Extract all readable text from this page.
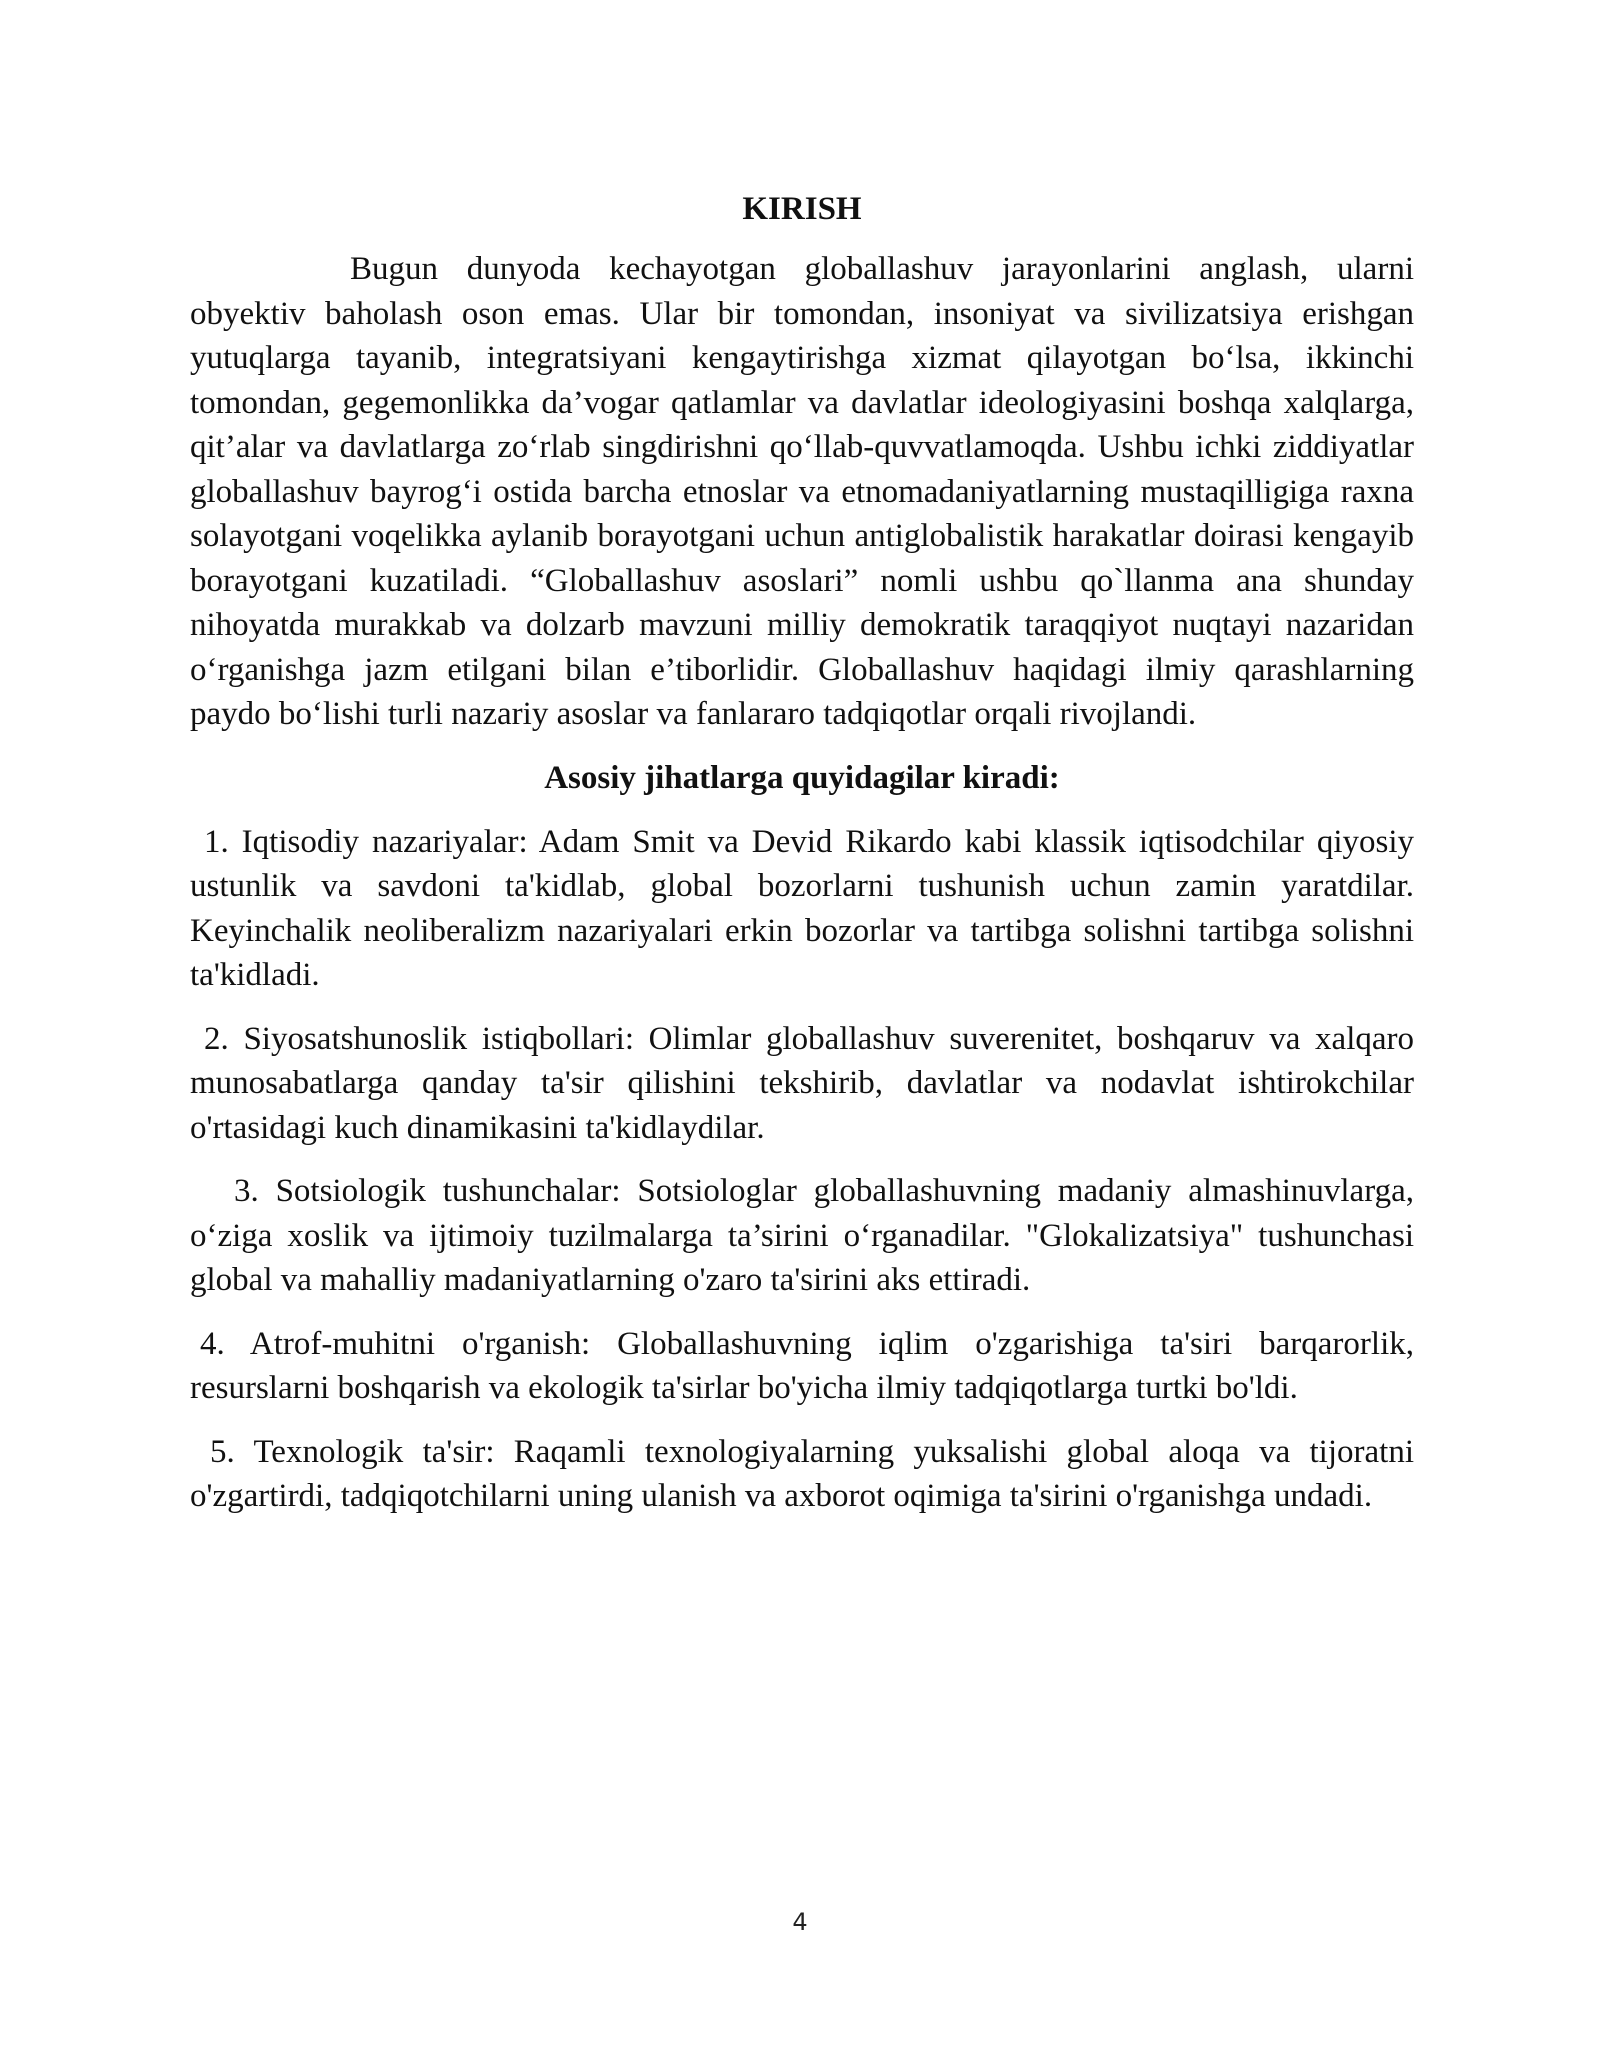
KIRISH

Bugun dunyoda kechayotgan globallashuv jarayonlarini anglash, ularni obyektiv baholash oson emas. Ular bir tomondan, insoniyat va sivilizatsiya erishgan yutuqlarga tayanib, integratsiyani kengaytirishga xizmat qilayotgan bo‘lsa, ikkinchi tomondan, gegemonlikka da’vogar qatlamlar va davlatlar ideologiyasini boshqa xalqlarga, qit’alar va davlatlarga zo‘rlab singdirishni qo‘llab-quvvatlamoqda. Ushbu ichki ziddiyatlar globallashuv bayrog‘i ostida barcha etnoslar va etnomadaniyatlarning mustaqilligiga raxna solayotgani voqelikka aylanib borayotgani uchun antiglobalistik harakatlar doirasi kengayib borayotgani kuzatiladi. “Globallashuv asoslari” nomli ushbu qo`llanma ana shunday nihoyatda murakkab va dolzarb mavzuni milliy demokratik taraqqiyot nuqtayi nazaridan o‘rganishga jazm etilgani bilan e’tiborlidir. Globallashuv haqidagi ilmiy qarashlarning paydo bo‘lishi turli nazariy asoslar va fanlararo tadqiqotlar orqali rivojlandi.

Asosiy jihatlarga quyidagilar kiradi:

1. Iqtisodiy nazariyalar: Adam Smit va Devid Rikardo kabi klassik iqtisodchilar qiyosiy ustunlik va savdoni ta'kidlab, global bozorlarni tushunish uchun zamin yaratdilar. Keyinchalik neoliberalizm nazariyalari erkin bozorlar va tartibga solishni tartibga solishni ta'kidladi.

2. Siyosatshunoslik istiqbollari: Olimlar globallashuv suverenitet, boshqaruv va xalqaro munosabatlarga qanday ta'sir qilishini tekshirib, davlatlar va nodavlat ishtirokchilar o'rtasidagi kuch dinamikasini ta'kidlaydilar.

3. Sotsiologik tushunchalar: Sotsiologlar globallashuvning madaniy almashinuvlarga, o‘ziga xoslik va ijtimoiy tuzilmalarga ta’sirini o‘rganadilar. "Glokalizatsiya" tushunchasi global va mahalliy madaniyatlarning o'zaro ta'sirini aks ettiradi.

4. Atrof-muhitni o'rganish: Globallashuvning iqlim o'zgarishiga ta'siri barqarorlik, resurslarni boshqarish va ekologik ta'sirlar bo'yicha ilmiy tadqiqotlarga turtki bo'ldi.

5. Texnologik ta'sir: Raqamli texnologiyalarning yuksalishi global aloqa va tijoratni o'zgartirdi, tadqiqotchilarni uning ulanish va axborot oqimiga ta'sirini o'rganishga undadi.

4
